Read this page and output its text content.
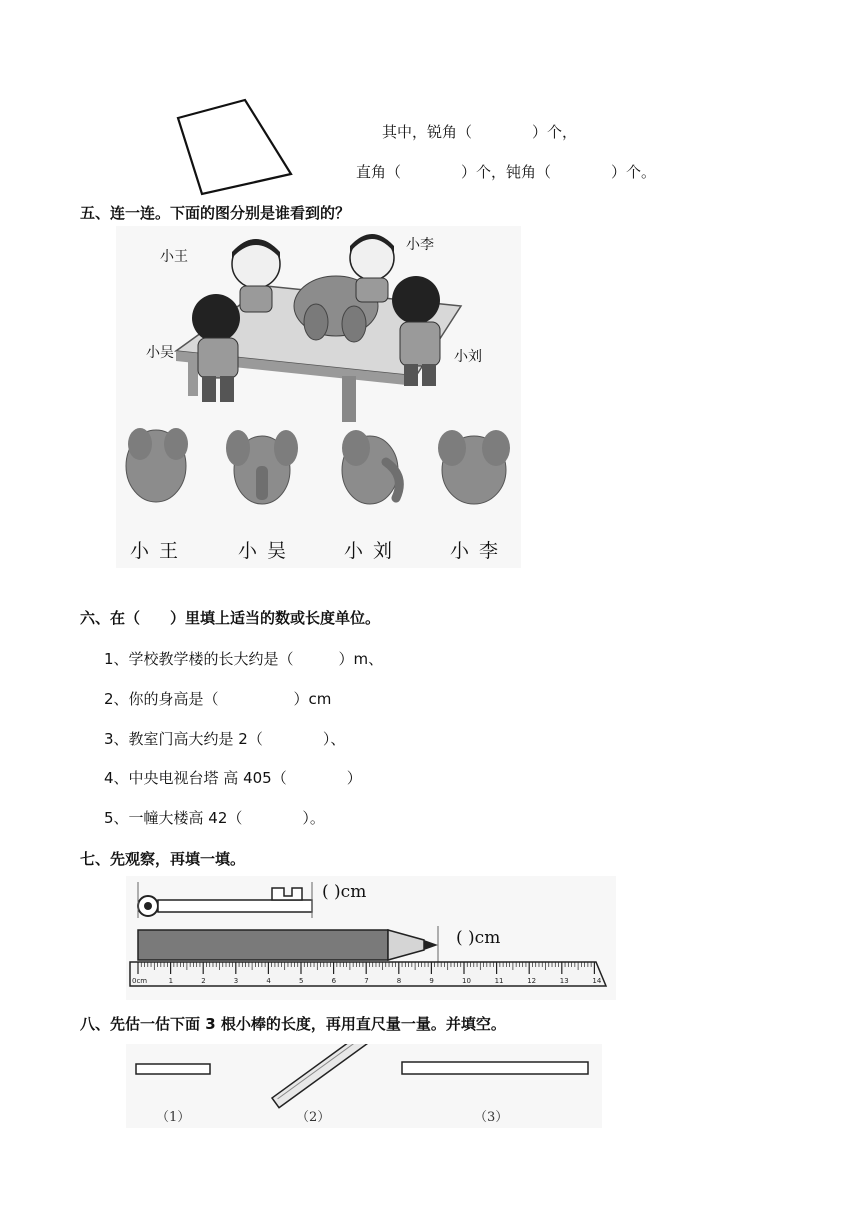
其中，锐角（　　　　）个，
直角（　　　　）个，钝角（　　　　）个。
五、连一连。下面的图分别是谁看到的？
小王
小李
小吴	小刘
小王	小吴	小刘	小李
六、在（　　）里填上适当的数或长度单位。
1、学校教学楼的长大约是（　　　）m、
2、你的身高是（　　　　　）cm
3、教室门高大约是 2（　　　　）、
4、中央电视台塔 高 405（　　　　）
5、一幢大楼高 42（　　　　）。
七、先观察，再填一填。
0cm	1	2	3	4	5	6	7	8	9	10	11	12	13	14
( )cm
( )cm
八、先估一估下面 3 根小棒的长度，再用直尺量一量。并填空。
（1）	（2）	（3）
